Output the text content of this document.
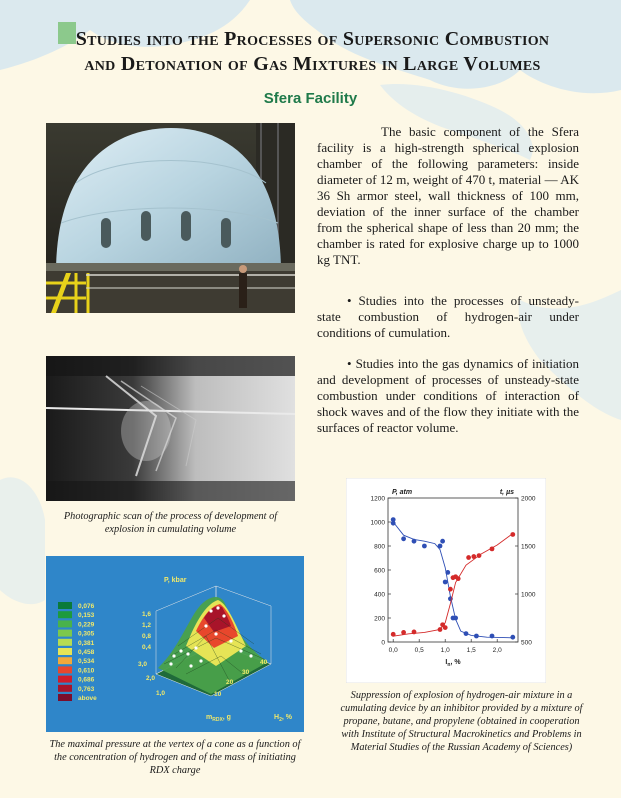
Studies into the Processes of Supersonic Combustion
and Detonation of Gas Mixtures in Large Volumes
Sfera Facility
The basic component of the Sfera facility is a high-strength spherical explosion chamber of the following parameters: inside diameter of 12 m, weight of 470 t, material — AK 36 Sh armor steel, wall thickness of 100 mm, deviation of the inner surface of the chamber from the spherical shape of less than 20 mm; the chamber is rated for explosive charge up to 1000 kg TNT.
• Studies into the processes of unsteady-state combustion of hydrogen-air under conditions of cumulation.
• Studies into the gas dynamics of initiation and development of processes of unsteady-state combustion under conditions of interaction of shock waves and of the flow they initiate with the surfaces of reactor volume.
Photographic scan of the process of development of explosion in cumulating volume
0,076
0,153
0,229
0,305
0,381
0,458
0,534
0,610
0,686
0,763
above
P, kbar
1,6
1,2
0,8
0,4
3,0
2,0
1,0
40
30
20
10
$m_{RDX}$, g	$H_2$, %
The maximal pressure at the vertex of a cone as a function of the concentration of hydrogen and of the mass of initiating RDX charge
0
200
400
600
800
1000
1200
500
1000
1500
2000
0,0	0,5	1,0	1,5	2,0
P, atm	t, µs
$I_n$, %
Suppression of explosion of hydrogen-air mixture in a cumulating device by an inhibitor provided by a mixture of propane, butane, and propylene (obtained in cooperation with Institute of Structural Macrokinetics and Problems in Material Studies of the Russian Academy of Sciences)
